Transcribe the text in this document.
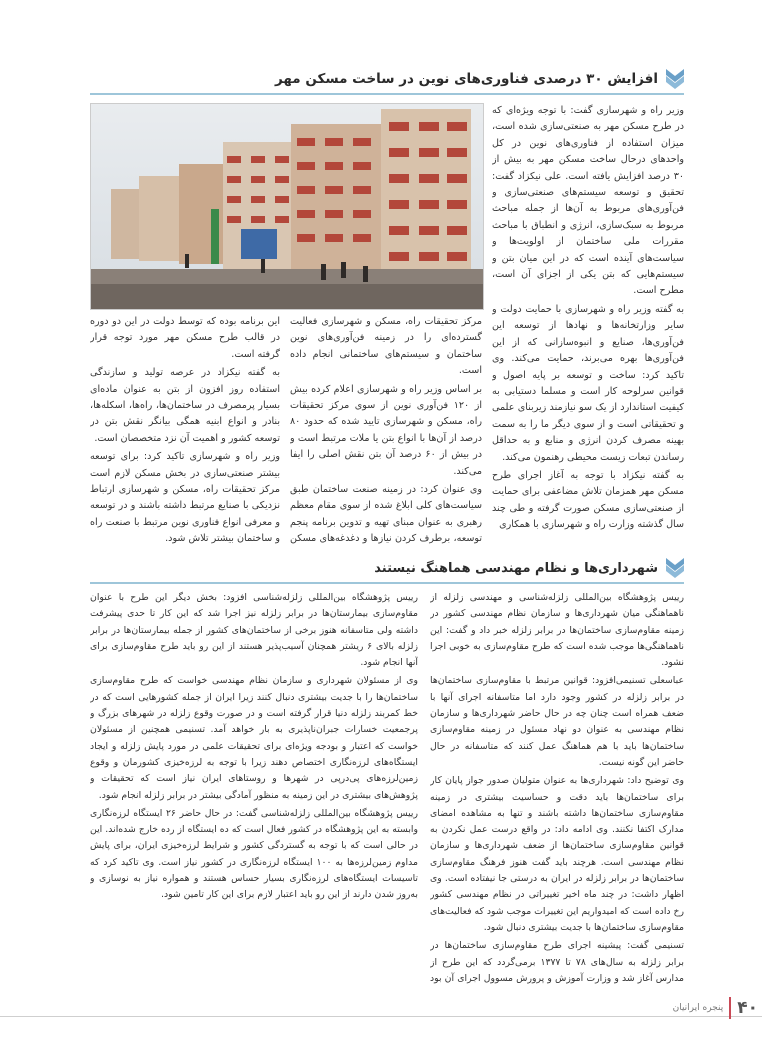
افزایش ۳۰ درصدی فناوری‌های نوین در ساخت مسکن مهر

وزیر راه و شهرسازی گفت: با توجه ویژه‌ای که در طرح مسکن مهر به صنعتی‌سازی شده است، میزان استفاده از فناوری‌های نوین در کل واحدهای درحال ساخت مسکن مهر به بیش از ۳۰ درصد افزایش یافته است. علی نیکزاد گفت: تحقیق و توسعه سیستم‌های صنعتی‌سازی و فن‌آوری‌های مربوط به آن‌ها از جمله مباحث مربوط به سبک‌سازی، انرژی و انطباق با مباحث مقررات ملی ساختمان از اولویت‌ها و سیاست‌های آینده است که در این میان بتن و سیستم‌هایی که بتن یکی از اجزای آن است، مطرح است.

به گفته وزیر راه و شهرسازی با حمایت دولت و سایر وزارتخانه‌ها و نهادها از توسعه این فن‌آوری‌ها، صنایع و انبوه‌سازانی که از این فن‌آوری‌ها بهره می‌برند، حمایت می‌کند. وی تاکید کرد: ساخت و توسعه بر پایه اصول و قوانین سرلوحه کار است و مسلما دستیابی به کیفیت استاندارد از یک سو نیازمند زیربنای علمی و تحقیقاتی است و از سوی دیگر ما را به سمت بهینه مصرف کردن انرژی و منابع و به حداقل رساندن تبعات زیست محیطی رهنمون می‌کند.

به گفته نیکزاد با توجه به آغاز اجرای طرح مسکن مهر همزمان تلاش مضاعفی برای حمایت از صنعتی‌سازی مسکن صورت گرفته و طی چند سال گذشته وزارت راه و شهرسازی با همکاری

مرکز تحقیقات راه، مسکن و شهرسازی فعالیت گسترده‌ای را در زمینه فن‌آوری‌های نوین ساختمان و سیستم‌های ساختمانی انجام داده است.

بر اساس وزیر راه و شهرسازی اعلام کرده بیش از ۱۲۰ فن‌آوری نوین از سوی مرکز تحقیقات راه، مسکن و شهرسازی تایید شده که حدود ۸۰ درصد از آن‌ها با انواع بتن یا ملات مرتبط است و در بیش از ۶۰ درصد آن بتن نقش اصلی را ایفا می‌کند.

وی عنوان کرد: در زمینه صنعت ساختمان طبق سیاست‌های کلی ابلاغ شده از سوی مقام معظم رهبری به عنوان مبنای تهیه و تدوین برنامه پنجم توسعه، برطرف کردن نیازها و دغدغه‌های مسکن

این برنامه بوده که توسط دولت در این دو دوره در قالب طرح مسکن مهر مورد توجه قرار گرفته است.

به گفته نیکزاد در عرصه تولید و سازندگی استفاده روز افزون از بتن به عنوان ماده‌ای بسیار پرمصرف در ساختمان‌ها، راه‌ها، اسکله‌ها، بنادر و انواع ابنیه همگی بیانگر نقش بتن در توسعه کشور و اهمیت آن نزد متخصصان است.

وزیر راه و شهرسازی تاکید کرد: برای توسعه بیشتر صنعتی‌سازی در بخش مسکن لازم است مرکز تحقیقات راه، مسکن و شهرسازی ارتباط نزدیکی با صنایع مرتبط داشته باشند و در توسعه و معرفی انواع فناوری نوین مرتبط با صنعت راه و ساختمان بیشتر تلاش شود.

شهرداری‌ها و نظام مهندسی هماهنگ نیستند

رییس پژوهشگاه بین‌المللی زلزله‌شناسی و مهندسی زلزله از ناهماهنگی میان شهرداری‌ها و سازمان نظام مهندسی کشور در زمینه مقاوم‌سازی ساختمان‌ها در برابر زلزله خبر داد و گفت: این ناهماهنگی‌ها موجب شده است که طرح مقاوم‌سازی به خوبی اجرا نشود.

عباسعلی تسنیمی‌افزود: قوانین مرتبط با مقاوم‌سازی ساختمان‌ها در برابر زلزله در کشور وجود دارد اما متاسفانه اجرای آنها با ضعف همراه است چنان چه در حال حاضر شهرداری‌ها و سازمان نظام مهندسی به عنوان دو نهاد مسئول در زمینه مقاوم‌سازی ساختمان‌ها باید با هم هماهنگ عمل کنند که متاسفانه در حال حاضر این گونه نیست.

وی توضیح داد: شهرداری‌ها به عنوان متولیان صدور جواز پایان کار برای ساختمان‌ها باید دقت و حساسیت بیشتری در زمینه مقاوم‌سازی ساختمان‌ها داشته باشند و تنها به مشاهده امضای مدارک اکتفا نکنند. وی ادامه داد: در واقع درست عمل نکردن به قوانین مقاوم‌سازی ساختمان‌ها از ضعف شهرداری‌ها و سازمان نظام مهندسی است. هرچند باید گفت هنوز فرهنگ مقاوم‌سازی ساختمان‌ها در برابر زلزله در ایران به درستی جا نیفتاده است. وی اظهار داشت: در چند ماه اخیر تغییراتی در نظام مهندسی کشور رخ داده است که امیدواریم این تغییرات موجب شود که فعالیت‌های مقاوم‌سازی ساختمان‌ها با جدیت بیشتری دنبال شود.

تسنیمی گفت: پیشینه اجرای طرح مقاوم‌سازی ساختمان‌ها در برابر زلزله به سال‌های ۷۸ تا ۱۳۷۷ برمی‌گردد که این طرح از مدارس آغاز شد و وزارت آموزش و پرورش مسوول اجرای آن بود

رییس پژوهشگاه بین‌المللی زلزله‌شناسی افزود: بخش دیگر این طرح با عنوان مقاوم‌سازی بیمارستان‌ها در برابر زلزله نیز اجرا شد که این کار تا حدی پیشرفت داشته ولی متاسفانه هنوز برخی از ساختمان‌های کشور از جمله بیمارستان‌ها در برابر زلزله بالای ۶ ریشتر همچنان آسیب‌پذیر هستند از این رو باید طرح مقاوم‌سازی برای آنها انجام شود.

وی از مسئولان شهرداری و سازمان نظام مهندسی خواست که طرح مقاوم‌سازی ساختمان‌ها را با جدیت بیشتری دنبال کنند زیرا ایران از جمله کشورهایی است که در خط کمربند زلزله دنیا قرار گرفته است و در صورت وقوع زلزله در شهرهای بزرگ و پرجمعیت خسارات جبران‌ناپذیری به بار خواهد آمد. تسنیمی همچنین از مسئولان خواست که اعتبار و بودجه ویژه‌ای برای تحقیقات علمی در مورد پایش زلزله و ایجاد ایستگاه‌های لرزه‌نگاری اختصاص دهند زیرا با توجه به لرزه‌خیزی کشورمان و وقوع زمین‌لرزه‌های پی‌درپی در شهرها و روستاهای ایران نیاز است که تحقیقات و پژوهش‌های بیشتری در این زمینه به منظور آمادگی بیشتر در برابر زلزله انجام شود.

رییس پژوهشگاه بین‌المللی زلزله‌شناسی گفت: در حال حاضر ۲۶ ایستگاه لرزه‌نگاری وابسته به این پژوهشگاه در کشور فعال است که ده ایستگاه از رده خارج شده‌اند. این در حالی است که با توجه به گستردگی کشور و شرایط لرزه‌خیزی ایران، برای پایش مداوم زمین‌لرزه‌ها به ۱۰۰ ایستگاه لرزه‌نگاری در کشور نیاز است. وی تاکید کرد که تاسیسات ایستگاه‌های لرزه‌نگاری بسیار حساس هستند و همواره نیاز به نوسازی و به‌روز شدن دارند از این رو باید اعتبار لازم برای این کار تامین شود.

۴۰
پنجره ایرانیان
